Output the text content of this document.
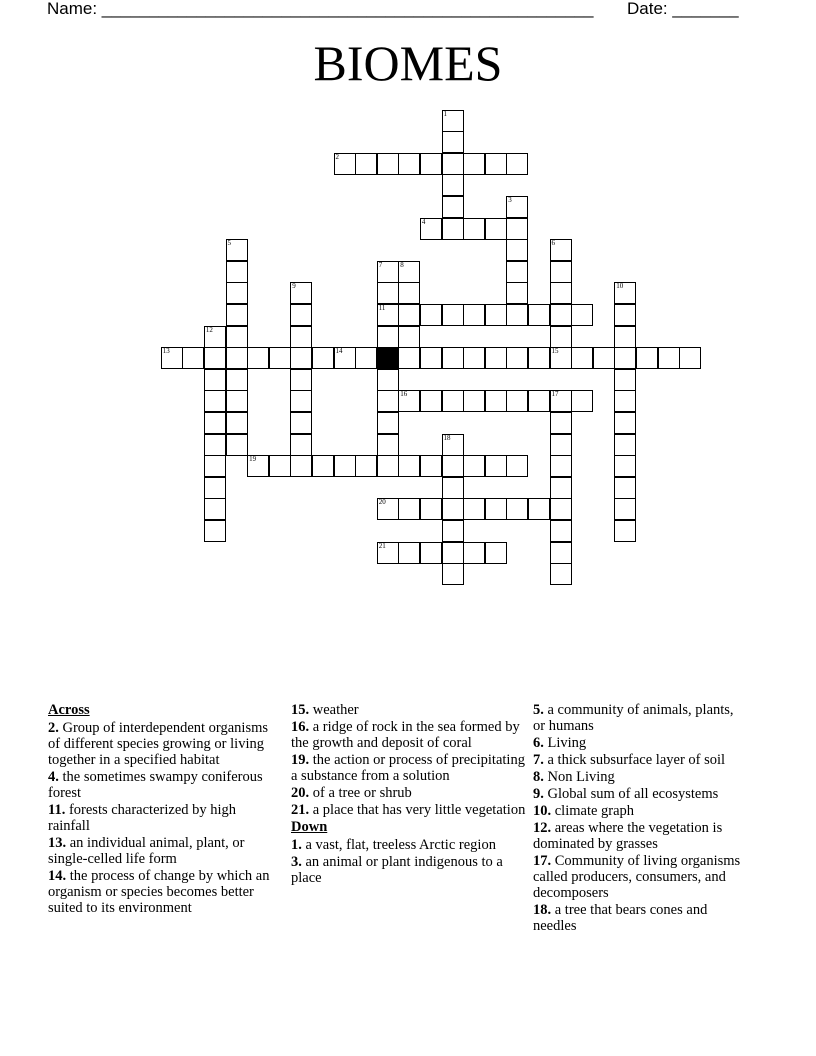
Name: ____________________________________________________ Date: _______
BIOMES
1
2
3
4
5	6
15
7
11
8
9	10
12
13	14
16	17
18
19
20
21
Across
2. Group of interdependent organisms of different species growing or living together in a specified habitat
4. the sometimes swampy coniferous forest
11. forests characterized by high rainfall
13. an individual animal, plant, or single-celled life form
14. the process of change by which an organism or species becomes better suited to its environment
15. weather
16. a ridge of rock in the sea formed by the growth and deposit of coral
19. the action or process of precipitating a substance from a solution
20. of a tree or shrub
21. a place that has very little vegetation
Down
1. a vast, flat, treeless Arctic region
3. an animal or plant indigenous to a place
5. a community of animals, plants, or humans
6. Living
7. a thick subsurface layer of soil
8. Non Living
9. Global sum of all ecosystems
10. climate graph
12. areas where the vegetation is dominated by grasses
17. Community of living organisms called producers, consumers, and decomposers
18. a tree that bears cones and needles
